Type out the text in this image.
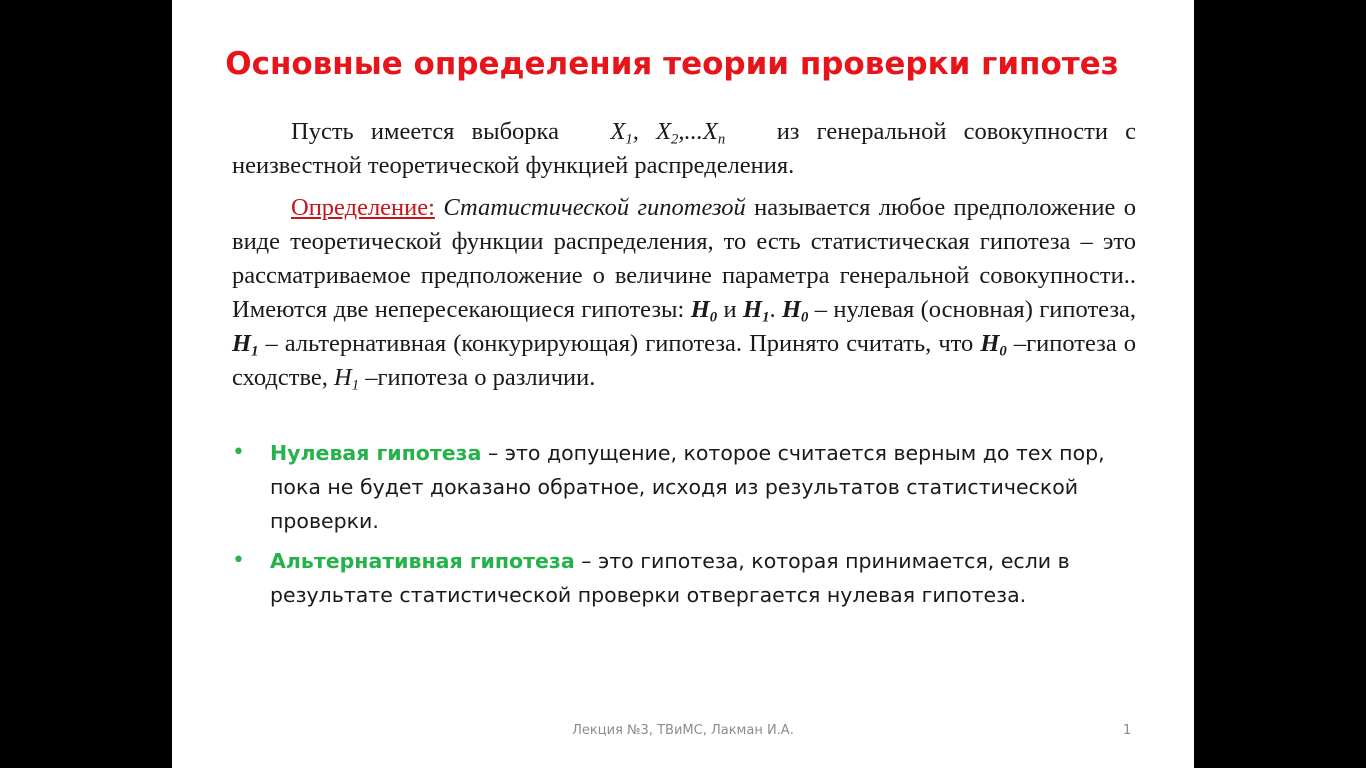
Основные определения теории проверки гипотез

Пусть имеется выборка $X_1$, $X_2,...X_n$ из генеральной совокупности с неизвестной теоретической функцией распределения.

Определение: Статистической гипотезой называется любое предположение о виде теоретической функции распределения, то есть статистическая гипотеза – это рассматриваемое предположение о величине параметра генеральной совокупности.. Имеются две непересекающиеся гипотезы: $H_0$ и $H_1$. $H_0$ – нулевая (основная) гипотеза, $H_1$ – альтернативная (конкурирующая) гипотеза. Принято считать, что $H_0$ –гипотеза о сходстве, $H_1$ –гипотеза о различии.

• Нулевая гипотеза – это допущение, которое считается верным до тех пор, пока не будет доказано обратное, исходя из результатов статистической проверки.
• Альтернативная гипотеза – это гипотеза, которая принимается, если в результате статистической проверки отвергается нулевая гипотеза.
Лекция №3, ТВиМС, Лакман И.А.	1
